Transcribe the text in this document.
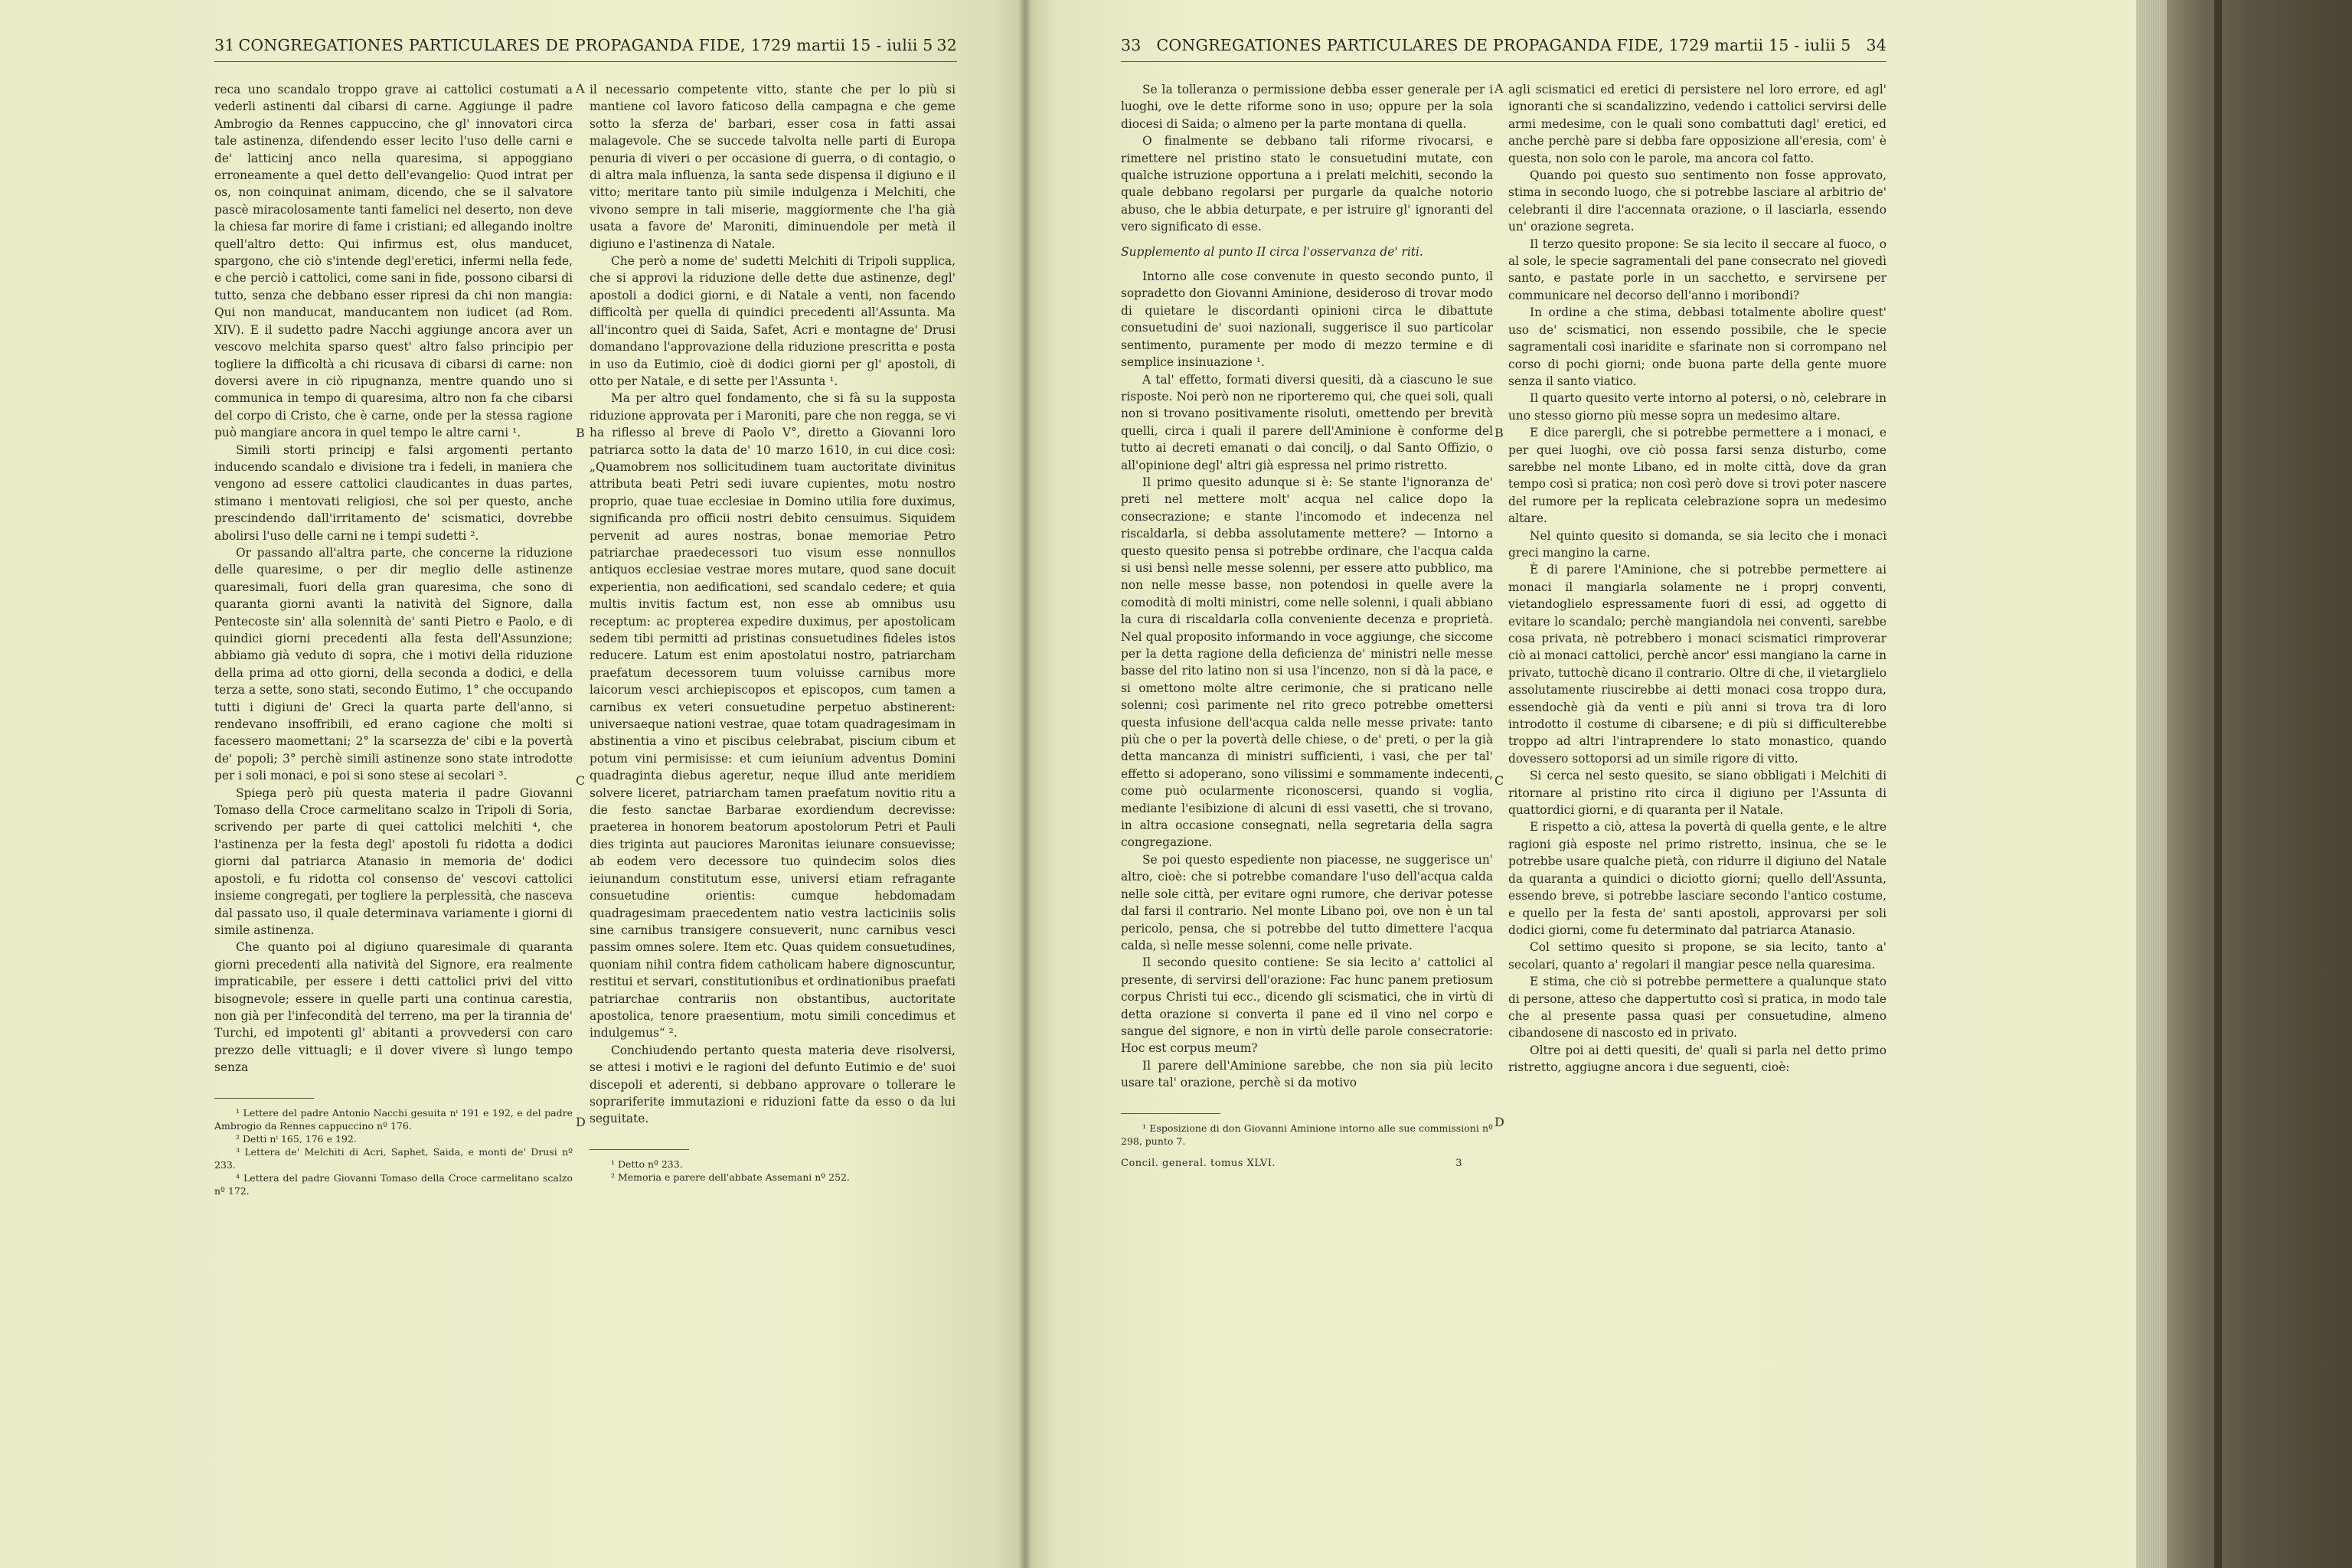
31 CONGREGATIONES PARTICULARES DE PROPAGANDA FIDE, 1729 martii 15 - iulii 5 32

reca uno scandalo troppo grave ai cattolici costumati a vederli astinenti dal cibarsi di carne. Aggiunge il padre Ambrogio da Rennes cappuccino, che gl' innovatori circa tale astinenza, difendendo esser lecito l'uso delle carni e de' latticinj anco nella quaresima, si appoggiano erroneamente a quel detto dell'evangelio: Quod intrat per os, non coinquinat animam, dicendo, che se il salvatore pascè miracolosamente tanti famelici nel deserto, non deve la chiesa far morire di fame i cristiani; ed allegando inoltre quell'altro detto: Qui infirmus est, olus manducet, spargono, che ciò s'intende degl'eretici, infermi nella fede, e che perciò i cattolici, come sani in fide, possono cibarsi di tutto, senza che debbano esser ripresi da chi non mangia: Qui non manducat, manducantem non iudicet (ad Rom. XIV). E il sudetto padre Nacchi aggiunge ancora aver un vescovo melchita sparso quest' altro falso principio per togliere la difficoltà a chi ricusava di cibarsi di carne: non doversi avere in ciò ripugnanza, mentre quando uno si communica in tempo di quaresima, altro non fa che cibarsi del corpo di Cristo, che è carne, onde per la stessa ragione può mangiare ancora in quel tempo le altre carni ¹.

Simili storti principj e falsi argomenti pertanto inducendo scandalo e divisione tra i fedeli, in maniera che vengono ad essere cattolici claudicantes in duas partes, stimano i mentovati religiosi, che sol per questo, anche prescindendo dall'irritamento de' scismatici, dovrebbe abolirsi l'uso delle carni ne i tempi sudetti ².

Or passando all'altra parte, che concerne la riduzione delle quaresime, o per dir meglio delle astinenze quaresimali, fuori della gran quaresima, che sono di quaranta giorni avanti la natività del Signore, dalla Pentecoste sin' alla solennità de' santi Pietro e Paolo, e di quindici giorni precedenti alla festa dell'Assunzione; abbiamo già veduto di sopra, che i motivi della riduzione della prima ad otto giorni, della seconda a dodici, e della terza a sette, sono stati, secondo Eutimo, 1° che occupando tutti i digiuni de' Greci la quarta parte dell'anno, si rendevano insoffribili, ed erano cagione che molti si facessero maomettani; 2° la scarsezza de' cibi e la povertà de' popoli; 3° perchè simili astinenze sono state introdotte per i soli monaci, e poi si sono stese ai secolari ³.

Spiega però più questa materia il padre Giovanni Tomaso della Croce carmelitano scalzo in Tripoli di Soria, scrivendo per parte di quei cattolici melchiti ⁴, che l'astinenza per la festa degl' apostoli fu ridotta a dodici giorni dal patriarca Atanasio in memoria de' dodici apostoli, e fu ridotta col consenso de' vescovi cattolici insieme congregati, per togliere la perplessità, che nasceva dal passato uso, il quale determinava variamente i giorni di simile astinenza.

Che quanto poi al digiuno quaresimale di quaranta giorni precedenti alla natività del Signore, era realmente impraticabile, per essere i detti cattolici privi del vitto bisognevole; essere in quelle parti una continua carestia, non già per l'infecondità del terreno, ma per la tirannia de' Turchi, ed impotenti gl' abitanti a provvedersi con caro prezzo delle vittuagli; e il dover vivere sì lungo tempo senza

¹ Lettere del padre Antonio Nacchi gesuita nⁱ 191 e 192, e del padre Ambrogio da Rennes cappuccino nº 176.

² Detti nⁱ 165, 176 e 192.

³ Lettera de' Melchiti di Acri, Saphet, Saida, e monti de' Drusi nº 233.

⁴ Lettera del padre Giovanni Tomaso della Croce carmelitano scalzo nº 172.

A
B
C
D

il necessario competente vitto, stante che per lo più si mantiene col lavoro faticoso della campagna e che geme sotto la sferza de' barbari, esser cosa in fatti assai malagevole. Che se succede talvolta nelle parti di Europa penuria di viveri o per occasione di guerra, o di contagio, o di altra mala influenza, la santa sede dispensa il digiuno e il vitto; meritare tanto più simile indulgenza i Melchiti, che vivono sempre in tali miserie, maggiormente che l'ha già usata a favore de' Maroniti, diminuendole per metà il digiuno e l'astinenza di Natale.

Che però a nome de' sudetti Melchiti di Tripoli supplica, che si approvi la riduzione delle dette due astinenze, degl' apostoli a dodici giorni, e di Natale a venti, non facendo difficoltà per quella di quindici precedenti all'Assunta. Ma all'incontro quei di Saida, Safet, Acri e montagne de' Drusi domandano l'approvazione della riduzione prescritta e posta in uso da Eutimio, cioè di dodici giorni per gl' apostoli, di otto per Natale, e di sette per l'Assunta ¹.

Ma per altro quel fondamento, che si fà su la supposta riduzione approvata per i Maroniti, pare che non regga, se vi ha riflesso al breve di Paolo V°, diretto a Giovanni loro patriarca sotto la data de' 10 marzo 1610, in cui dice così: „Quamobrem nos sollicitudinem tuam auctoritate divinitus attributa beati Petri sedi iuvare cupientes, motu nostro proprio, quae tuae ecclesiae in Domino utilia fore duximus, significanda pro officii nostri debito censuimus. Siquidem pervenit ad aures nostras, bonae memoriae Petro patriarchae praedecessori tuo visum esse nonnullos antiquos ecclesiae vestrae mores mutare, quod sane docuit experientia, non aedificationi, sed scandalo cedere; et quia multis invitis factum est, non esse ab omnibus usu receptum: ac propterea expedire duximus, per apostolicam sedem tibi permitti ad pristinas consuetudines fideles istos reducere. Latum est enim apostolatui nostro, patriarcham praefatum decessorem tuum voluisse carnibus more laicorum vesci archiepiscopos et episcopos, cum tamen a carnibus ex veteri consuetudine perpetuo abstinerent: universaeque nationi vestrae, quae totam quadragesimam in abstinentia a vino et piscibus celebrabat, piscium cibum et potum vini permisisse: et cum ieiunium adventus Domini quadraginta diebus ageretur, neque illud ante meridiem solvere liceret, patriarcham tamen praefatum novitio ritu a die festo sanctae Barbarae exordiendum decrevisse: praeterea in honorem beatorum apostolorum Petri et Pauli dies triginta aut pauciores Maronitas ieiunare consuevisse; ab eodem vero decessore tuo quindecim solos dies ieiunandum constitutum esse, universi etiam refragante consuetudine orientis: cumque hebdomadam quadragesimam praecedentem natio vestra lacticiniis solis sine carnibus transigere consueverit, nunc carnibus vesci passim omnes solere. Item etc. Quas quidem consuetudines, quoniam nihil contra fidem catholicam habere dignoscuntur, restitui et servari, constitutionibus et ordinationibus praefati patriarchae contrariis non obstantibus, auctoritate apostolica, tenore praesentium, motu simili concedimus et indulgemus“ ².

Conchiudendo pertanto questa materia deve risolversi, se attesi i motivi e le ragioni del defunto Eutimio e de' suoi discepoli et aderenti, si debbano approvare o tollerare le soprariferite immutazioni e riduzioni fatte da esso o da lui seguitate.

¹ Detto nº 233.

² Memoria e parere dell'abbate Assemani nº 252.

33 CONGREGATIONES PARTICULARES DE PROPAGANDA FIDE, 1729 martii 15 - iulii 5 34

Se la tolleranza o permissione debba esser generale per i luoghi, ove le dette riforme sono in uso; oppure per la sola diocesi di Saida; o almeno per la parte montana di quella.

O finalmente se debbano tali riforme rivocarsi, e rimettere nel pristino stato le consuetudini mutate, con qualche istruzione opportuna a i prelati melchiti, secondo la quale debbano regolarsi per purgarle da qualche notorio abuso, che le abbia deturpate, e per istruire gl' ignoranti del vero significato di esse.

Supplemento al punto II circa l'osservanza de' riti.

Intorno alle cose convenute in questo secondo punto, il sopradetto don Giovanni Aminione, desideroso di trovar modo di quietare le discordanti opinioni circa le dibattute consuetudini de' suoi nazionali, suggerisce il suo particolar sentimento, puramente per modo di mezzo termine e di semplice insinuazione ¹.

A tal' effetto, formati diversi quesiti, dà a ciascuno le sue risposte. Noi però non ne riporteremo qui, che quei soli, quali non si trovano positivamente risoluti, omettendo per brevità quelli, circa i quali il parere dell'Aminione è conforme del tutto ai decreti emanati o dai concilj, o dal Santo Offizio, o all'opinione degl' altri già espressa nel primo ristretto.

Il primo quesito adunque si è: Se stante l'ignoranza de' preti nel mettere molt' acqua nel calice dopo la consecrazione; e stante l'incomodo et indecenza nel riscaldarla, si debba assolutamente mettere? — Intorno a questo quesito pensa si potrebbe ordinare, che l'acqua calda si usi bensì nelle messe solenni, per essere atto pubblico, ma non nelle messe basse, non potendosi in quelle avere la comodità di molti ministri, come nelle solenni, i quali abbiano la cura di riscaldarla colla conveniente decenza e proprietà. Nel qual proposito informando in voce aggiunge, che siccome per la detta ragione della deficienza de' ministri nelle messe basse del rito latino non si usa l'incenzo, non si dà la pace, e si omettono molte altre cerimonie, che si praticano nelle solenni; così parimente nel rito greco potrebbe omettersi questa infusione dell'acqua calda nelle messe private: tanto più che o per la povertà delle chiese, o de' preti, o per la già detta mancanza di ministri sufficienti, i vasi, che per tal' effetto si adoperano, sono vilissimi e sommamente indecenti, come può ocularmente riconoscersi, quando si voglia, mediante l'esibizione di alcuni di essi vasetti, che si trovano, in altra occasione consegnati, nella segretaria della sagra congregazione.

Se poi questo espediente non piacesse, ne suggerisce un' altro, cioè: che si potrebbe comandare l'uso dell'acqua calda nelle sole città, per evitare ogni rumore, che derivar potesse dal farsi il contrario. Nel monte Libano poi, ove non è un tal pericolo, pensa, che si potrebbe del tutto dimettere l'acqua calda, sì nelle messe solenni, come nelle private.

Il secondo quesito contiene: Se sia lecito a' cattolici al presente, di servirsi dell'orazione: Fac hunc panem pretiosum corpus Christi tui ecc., dicendo gli scismatici, che in virtù di detta orazione si converta il pane ed il vino nel corpo e sangue del signore, e non in virtù delle parole consecratorie: Hoc est corpus meum?

Il parere dell'Aminione sarebbe, che non sia più lecito usare tal' orazione, perchè si da motivo

¹ Esposizione di don Giovanni Aminione intorno alle sue commissioni nº 298, punto 7.

Concil. general. tomus XLVI.	3
A
B
C
D

agli scismatici ed eretici di persistere nel loro errore, ed agl' ignoranti che si scandalizzino, vedendo i cattolici servirsi delle armi medesime, con le quali sono combattuti dagl' eretici, ed anche perchè pare si debba fare opposizione all'eresia, com' è questa, non solo con le parole, ma ancora col fatto.

Quando poi questo suo sentimento non fosse approvato, stima in secondo luogo, che si potrebbe lasciare al arbitrio de' celebranti il dire l'accennata orazione, o il lasciarla, essendo un' orazione segreta.

Il terzo quesito propone: Se sia lecito il seccare al fuoco, o al sole, le specie sagramentali del pane consecrato nel giovedì santo, e pastate porle in un sacchetto, e servirsene per communicare nel decorso dell'anno i moribondi?

In ordine a che stima, debbasi totalmente abolire quest' uso de' scismatici, non essendo possibile, che le specie sagramentali così inaridite e sfarinate non si corrompano nel corso di pochi giorni; onde buona parte della gente muore senza il santo viatico.

Il quarto quesito verte intorno al potersi, o nò, celebrare in uno stesso giorno più messe sopra un medesimo altare.

E dice parergli, che si potrebbe permettere a i monaci, e per quei luoghi, ove ciò possa farsi senza disturbo, come sarebbe nel monte Libano, ed in molte città, dove da gran tempo così si pratica; non così però dove si trovi poter nascere del rumore per la replicata celebrazione sopra un medesimo altare.

Nel quinto quesito si domanda, se sia lecito che i monaci greci mangino la carne.

È di parere l'Aminione, che si potrebbe permettere ai monaci il mangiarla solamente ne i proprj conventi, vietandoglielo espressamente fuori di essi, ad oggetto di evitare lo scandalo; perchè mangiandola nei conventi, sarebbe cosa privata, nè potrebbero i monaci scismatici rimproverar ciò ai monaci cattolici, perchè ancor' essi mangiano la carne in privato, tuttochè dicano il contrario. Oltre di che, il vietarglielo assolutamente riuscirebbe ai detti monaci cosa troppo dura, essendochè già da venti e più anni si trova tra di loro introdotto il costume di cibarsene; e di più si difficulterebbe troppo ad altri l'intraprendere lo stato monastico, quando dovessero sottoporsi ad un simile rigore di vitto.

Si cerca nel sesto quesito, se siano obbligati i Melchiti di ritornare al pristino rito circa il digiuno per l'Assunta di quattordici giorni, e di quaranta per il Natale.

E rispetto a ciò, attesa la povertà di quella gente, e le altre ragioni già esposte nel primo ristretto, insinua, che se le potrebbe usare qualche pietà, con ridurre il digiuno del Natale da quaranta a quindici o diciotto giorni; quello dell'Assunta, essendo breve, si potrebbe lasciare secondo l'antico costume, e quello per la festa de' santi apostoli, approvarsi per soli dodici giorni, come fu determinato dal patriarca Atanasio.

Col settimo quesito si propone, se sia lecito, tanto a' secolari, quanto a' regolari il mangiar pesce nella quaresima.

E stima, che ciò si potrebbe permettere a qualunque stato di persone, atteso che dappertutto così si pratica, in modo tale che al presente passa quasi per consuetudine, almeno cibandosene di nascosto ed in privato.

Oltre poi ai detti quesiti, de' quali si parla nel detto primo ristretto, aggiugne ancora i due seguenti, cioè:
